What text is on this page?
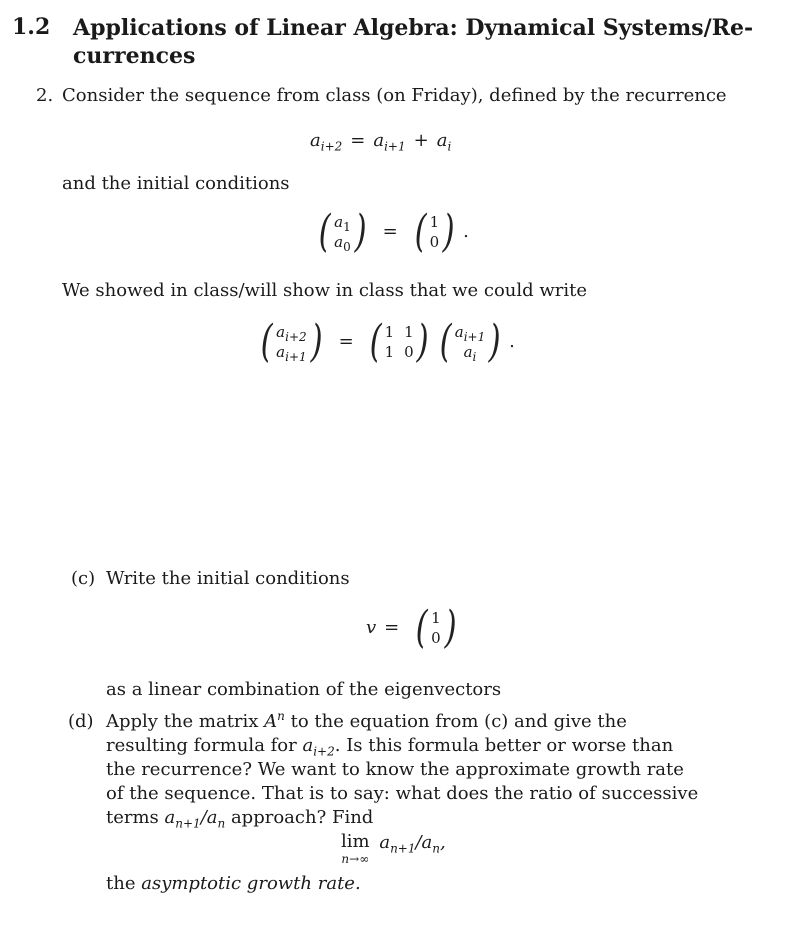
1.2 Applications of Linear Algebra: Dynamical Systems/Re-currences
2. Consider the sequence from class (on Friday), defined by the recurrence
$a_{i+2} = a_{i+1} + a_i$
and the initial conditions
( $a_1$
$a_0$ ) = ( 1
0 ) .
We showed in class/will show in class that we could write
( $a_{i+2}$
$a_{i+1}$ ) = ( 1 1
1 0 )
( $a_{i+1}$
$a_i$ ) .
(c) Write the initial conditions
v = ( 1
0 )
as a linear combination of the eigenvectors
(d) Apply the matrix $A^n$ to the equation from (c) and give the resulting formula for $a_{i+2}$. Is this formula better or worse than the recurrence? We want to know the approximate growth rate of the sequence. That is to say: what does the ratio of successive terms $a_{n+1}/a_n$ approach? Find
lim
n→∞
$a_{n+1}/a_n$,
the asymptotic growth rate.
